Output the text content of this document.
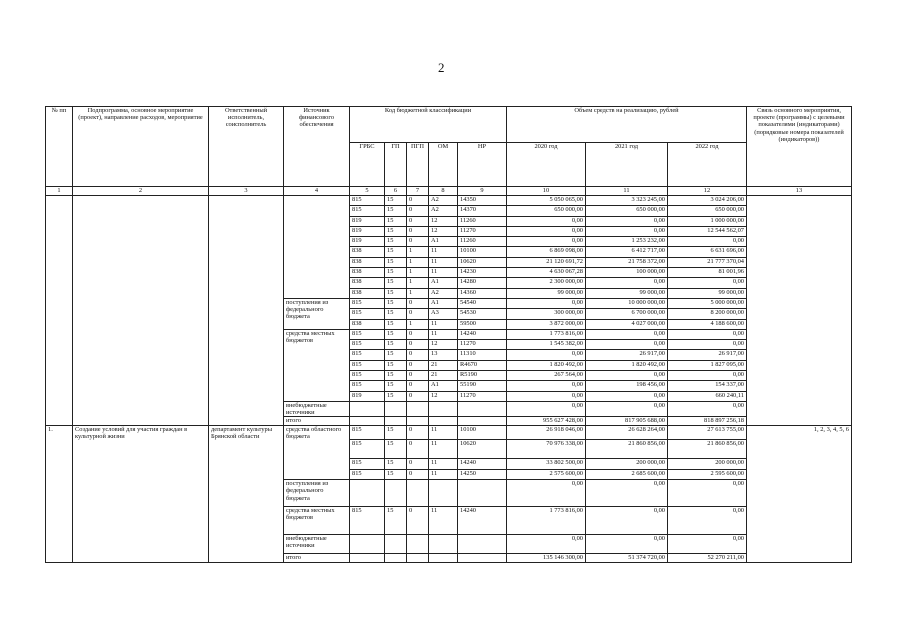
2
№ пп	Подпрограмма, основное мероприятие (проект), направление расходов, мероприятие	Ответственный исполнитель, соисполнитель	Источник финансового обеспечения	Код бюджетной классификации					Объем средств на реализацию, рублей			Связь основного мероприятия, проекте (программы) с целевыми показателями (индикаторами) (порядковые номера показателей (индикаторов))
				ГРБС	ГП	ПГП	ОМ	НР	2020 год	2021 год	2022 год	
1	2	3	4	5	6	7	8	9	10	11	12	13
				815	15	0	А2	14350	5 050 065,00	3 323 245,00	3 024 206,00	
				815	15	0	А2	14370	650 000,00	650 000,00	650 000,00	
				819	15	0	12	11260	0,00	0,00	1 000 000,00	
				819	15	0	12	11270	0,00	0,00	12 544 562,07	
				819	15	0	А1	11260	0,00	1 253 232,00	0,00	
				838	15	1	11	10100	6 869 098,00	6 412 717,00	6 631 696,00	
				838	15	1	11	10620	21 120 691,72	21 758 372,00	21 777 370,04	
				838	15	1	11	14230	4 630 067,28	100 000,00	81 001,96	
				838	15	1	А1	14280	2 300 000,00	0,00	0,00	
				838	15	1	А2	14360	99 000,00	99 000,00	99 000,00	
			поступления из федерального бюджета	815	15	0	А1	54540	0,00	10 000 000,00	5 000 000,00	
				815	15	0	А3	54530	300 000,00	6 700 000,00	8 200 000,00	
				838	15	1	11	59500	3 872 000,00	4 027 000,00	4 188 600,00	
			средства местных бюджетов	815	15	0	11	14240	1 773 816,00	0,00	0,00	
				815	15	0	12	11270	1 545 382,00	0,00	0,00	
				815	15	0	13	11310	0,00	26 917,00	26 917,00	
				815	15	0	21	R4670	1 820 492,00	1 820 492,00	1 827 095,00	
				815	15	0	21	R5190	267 564,00	0,00	0,00	
				815	15	0	А1	55190	0,00	198 456,00	154 337,00	
				819	15	0	12	11270	0,00	0,00	660 240,11	
			внебюджетные источники						0,00	0,00	0,00	
			итого						955 627 428,00	817 905 688,00	818 897 256,18	
1.	Создание условий для участия граждан в культурной жизни	департамент культуры Брянской области	средства областного бюджета	815	15	0	11	10100	26 918 046,00	26 628 264,00	27 613 755,00	1, 2, 3, 4, 5, 6
				815	15	0	11	10620	70 976 338,00	21 860 856,00	21 860 856,00	
				815	15	0	11	14240	33 802 500,00	200 000,00	200 000,00	
				815	15	0	11	14250	2 575 600,00	2 685 600,00	2 595 600,00	
			поступления из федерального бюджета						0,00	0,00	0,00	
			средства местных бюджетов	815	15	0	11	14240	1 773 816,00	0,00	0,00	
			внебюджетные источники						0,00	0,00	0,00	
			итого						135 146 300,00	51 374 720,00	52 270 211,00	
